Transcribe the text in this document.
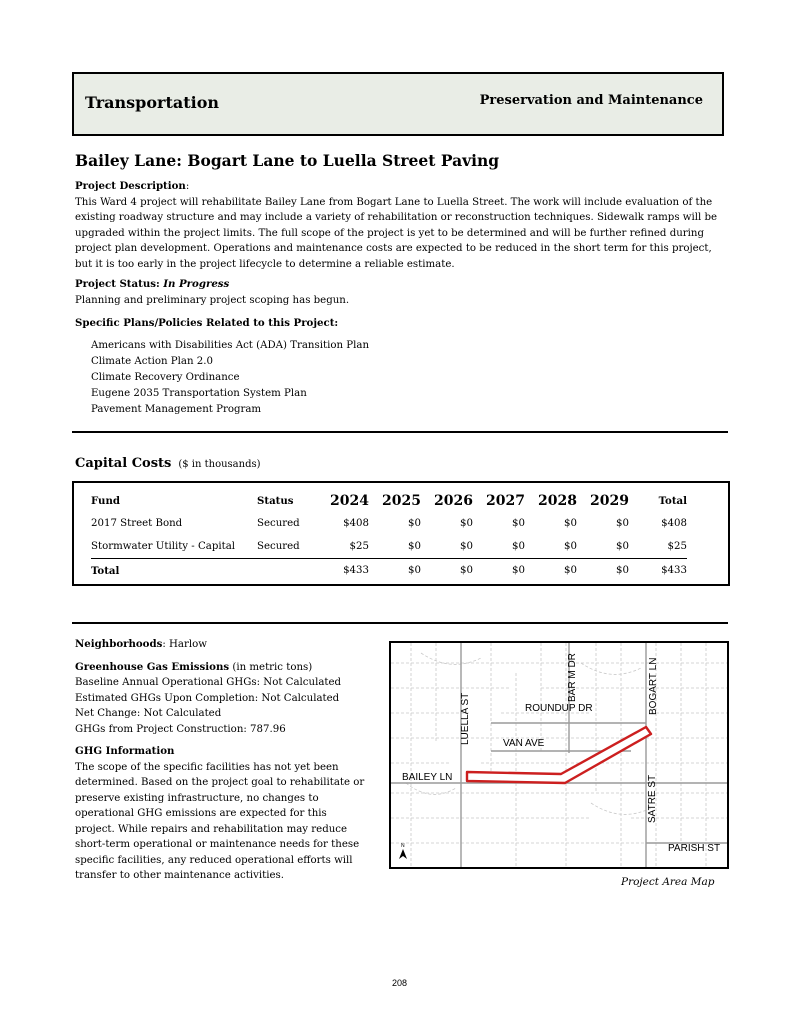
Transportation	Preservation and Maintenance
Bailey Lane: Bogart Lane to Luella Street Paving
Project Description:
This Ward 4 project will rehabilitate Bailey Lane from Bogart Lane to Luella Street. The work will include evaluation of the existing roadway structure and may include a variety of rehabilitation or reconstruction techniques. Sidewalk ramps will be upgraded within the project limits. The full scope of the project is yet to be determined and will be further refined during project plan development. Operations and maintenance costs are expected to be reduced in the short term for this project, but it is too early in the project lifecycle to determine a reliable estimate.
Project Status: In Progress
Planning and preliminary project scoping has begun.
Specific Plans/Policies Related to this Project:
Americans with Disabilities Act (ADA) Transition Plan
Climate Action Plan 2.0
Climate Recovery Ordinance
Eugene 2035 Transportation System Plan
Pavement Management Program
Capital Costs ($ in thousands)
Fund	Status	2024	2025	2026	2027	2028	2029	Total
2017 Street Bond	Secured	$408	$0	$0	$0	$0	$0	$408
Stormwater Utility - Capital	Secured	$25	$0	$0	$0	$0	$0	$25
Total		$433	$0	$0	$0	$0	$0	$433
Neighborhoods: Harlow
Greenhouse Gas Emissions (in metric tons)
Baseline Annual Operational GHGs: Not Calculated
Estimated GHGs Upon Completion: Not Calculated
Net Change: Not Calculated
GHGs from Project Construction: 787.96
GHG Information
The scope of the specific facilities has not yet been determined. Based on the project goal to rehabilitate or preserve existing infrastructure, no changes to operational GHG emissions are expected for this project. While repairs and rehabilitation may reduce short-term operational or maintenance needs for these specific facilities, any reduced operational efforts will transfer to other maintenance activities.
LUELLA ST
BAR M DR	BOGART LN
ROUNDUP DR
VAN AVE
BAILEY LN	SATRE ST
PARISH ST
N
Project Area Map
208
